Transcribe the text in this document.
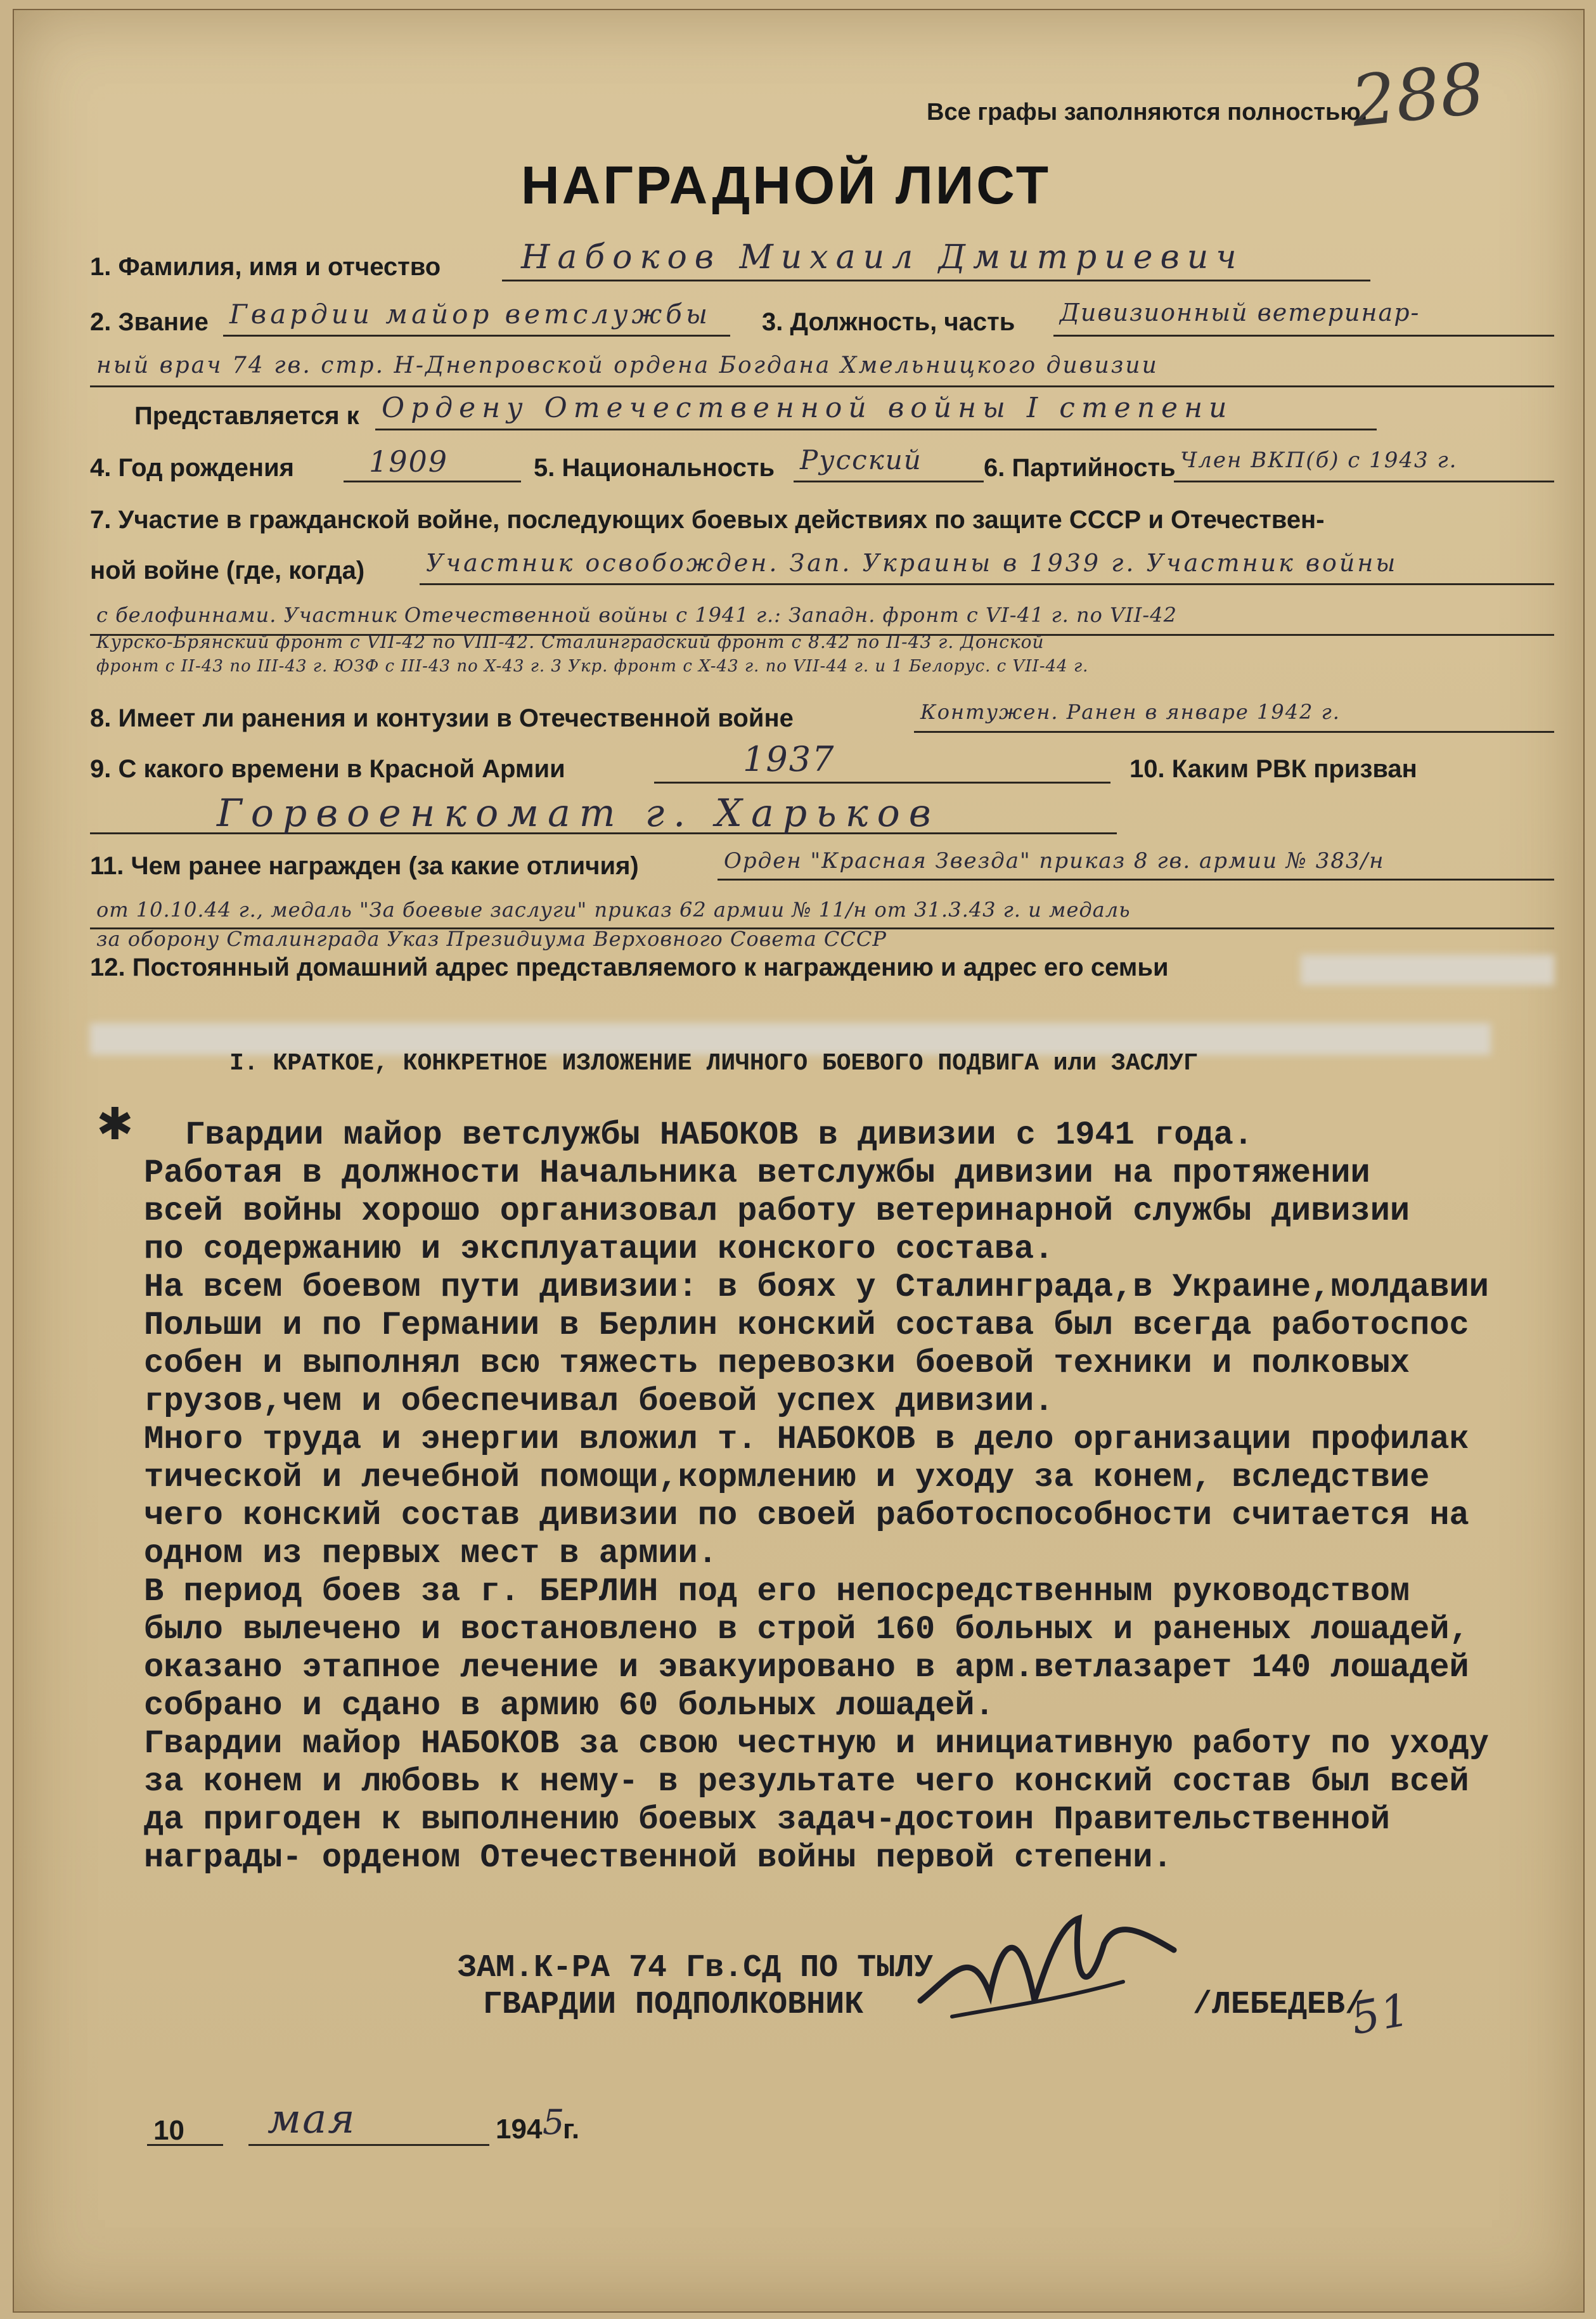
Все графы заполняются полностью.
288
НАГРАДНОЙ ЛИСТ
1. Фамилия, имя и отчество Набоков Михаил Дмитриевич
2. Звание Гвардии майор ветслужбы 3. Должность, часть Дивизионный ветеринар-
ный врач 74 гв. стр. Н-Днепровской ордена Богдана Хмельницкого дивизии
Представляется к Ордену Отечественной войны I степени
4. Год рождения	1909	5. Национальность Русский 6. Партийность Член ВКП(б) с 1943 г.
7. Участие в гражданской войне, последующих боевых действиях по защите СССР и Отечествен-
ной войне (где, когда)	Участник освобожден. Зап. Украины в 1939 г. Участник войны
с белофиннами. Участник Отечественной войны с 1941 г.: Западн. фронт с VI-41 г. по VII-42
Курско-Брянский фронт с VII-42 по VIII-42. Сталинградский фронт с 8.42 по II-43 г. Донской
фронт с II-43 по III-43 г. ЮЗФ с III-43 по X-43 г. 3 Укр. фронт с X-43 г. по VII-44 г. и 1 Белорус. с VII-44 г.
8. Имеет ли ранения и контузии в Отечественной войне	Контужен. Ранен в январе 1942 г.
9. С какого времени в Красной Армии	1937	10. Каким РВК призван
Горвоенкомат г. Харьков
11. Чем ранее награжден (за какие отличия)	Орден "Красная Звезда" приказ 8 гв. армии № 383/н
от 10.10.44 г., медаль "За боевые заслуги" приказ 62 армии № 11/н от 31.3.43 г. и медаль
за оборону Сталинграда Указ Президиума Верховного Совета СССР
12. Постоянный домашний адрес представляемого к награждению и адрес его семьи
I. КРАТКОЕ, КОНКРЕТНОЕ ИЗЛОЖЕНИЕ ЛИЧНОГО БОЕВОГО ПОДВИГА или ЗАСЛУГ
✱ Гвардии майор ветслужбы НАБОКОВ в дивизии с 1941 года.
Работая в должности Начальника ветслужбы дивизии на протяжении
всей войны хорошо организовал работу ветеринарной службы дивизии
по содержанию и эксплуатации конского состава.
На всем боевом пути дивизии: в боях у Сталинграда,в Украине,молдавии
Польши и по Германии в Берлин конский состава был всегда работоспос
собен и выполнял всю тяжесть перевозки боевой техники и полковых
грузов,чем и обеспечивал боевой успех дивизии.
Много труда и энергии вложил т. НАБОКОВ в дело организации профилак
тической и лечебной помощи,кормлению и уходу за конем, вследствие
чего конский состав дивизии по своей работоспособности считается на
одном из первых мест в армии.
В период боев за г. БЕРЛИН под его непосредственным руководством
было вылечено и востановлено в строй 160 больных и раненых лошадей,
оказано этапное лечение и эвакуировано в арм.ветлазарет 140 лошадей
собрано и сдано в армию 60 больных лошадей.
Гвардии майор НАБОКОВ за свою честную и инициативную работу по уходу
за конем и любовь к нему- в результате чего конский состав был всей
да пригоден к выполнению боевых задач-достоин Правительственной
награды- орденом Отечественной войны первой степени.
ЗАМ.К-РА 74 Гв.СД ПО ТЫЛУ
ГВАРДИИ ПОДПОЛКОВНИК	/ЛЕБЕДЕВ/
10 мая	194 5
г.
51
